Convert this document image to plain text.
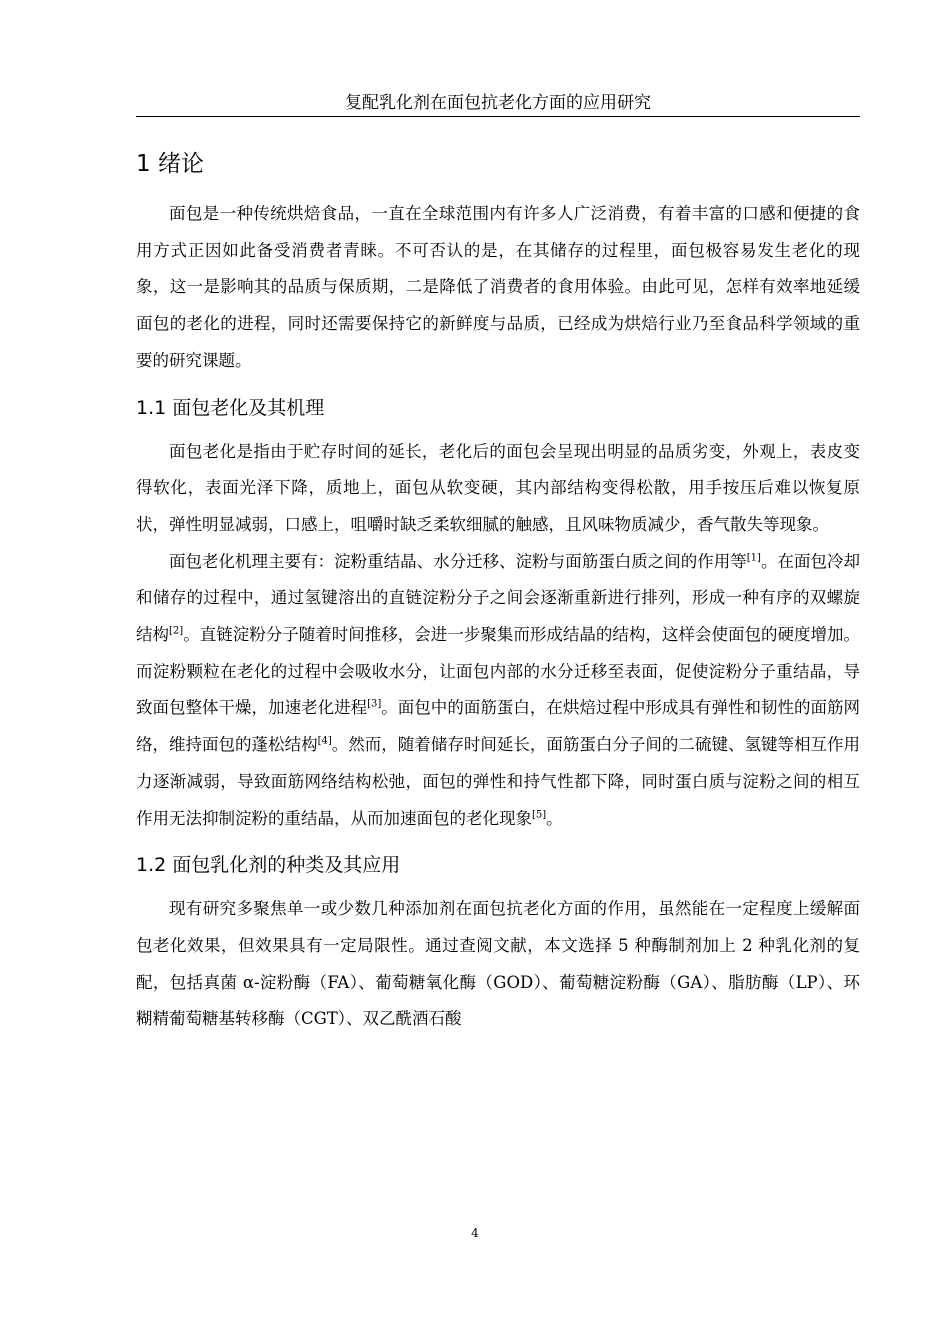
复配乳化剂在面包抗老化方面的应用研究
1 绪论

面包是一种传统烘焙食品，一直在全球范围内有许多人广泛消费，有着丰富的口感和便捷的食用方式正因如此备受消费者青睐。不可否认的是，在其储存的过程里，面包极容易发生老化的现象，这一是影响其的品质与保质期，二是降低了消费者的食用体验。由此可见，怎样有效率地延缓面包的老化的进程，同时还需要保持它的新鲜度与品质，已经成为烘焙行业乃至食品科学领域的重要的研究课题。

1.1 面包老化及其机理

面包老化是指由于贮存时间的延长，老化后的面包会呈现出明显的品质劣变，外观上，表皮变得软化，表面光泽下降，质地上，面包从软变硬，其内部结构变得松散，用手按压后难以恢复原状，弹性明显减弱，口感上，咀嚼时缺乏柔软细腻的触感，且风味物质减少，香气散失等现象。

面包老化机理主要有：淀粉重结晶、水分迁移、淀粉与面筋蛋白质之间的作用等[1]。在面包冷却和储存的过程中，通过氢键溶出的直链淀粉分子之间会逐渐重新进行排列，形成一种有序的双螺旋结构[2]。直链淀粉分子随着时间推移，会进一步聚集而形成结晶的结构，这样会使面包的硬度增加。而淀粉颗粒在老化的过程中会吸收水分，让面包内部的水分迁移至表面，促使淀粉分子重结晶，导致面包整体干燥，加速老化进程[3]。面包中的面筋蛋白，在烘焙过程中形成具有弹性和韧性的面筋网络，维持面包的蓬松结构[4]。然而，随着储存时间延长，面筋蛋白分子间的二硫键、氢键等相互作用力逐渐减弱，导致面筋网络结构松弛，面包的弹性和持气性都下降，同时蛋白质与淀粉之间的相互作用无法抑制淀粉的重结晶，从而加速面包的老化现象[5]。

1.2 面包乳化剂的种类及其应用

现有研究多聚焦单一或少数几种添加剂在面包抗老化方面的作用，虽然能在一定程度上缓解面包老化效果，但效果具有一定局限性。通过查阅文献，本文选择 5 种酶制剂加上 2 种乳化剂的复配，包括真菌 α-淀粉酶（FA）、葡萄糖氧化酶（GOD）、葡萄糖淀粉酶（GA）、脂肪酶（LP）、环糊精葡萄糖基转移酶（CGT）、双乙酰酒石酸

4
